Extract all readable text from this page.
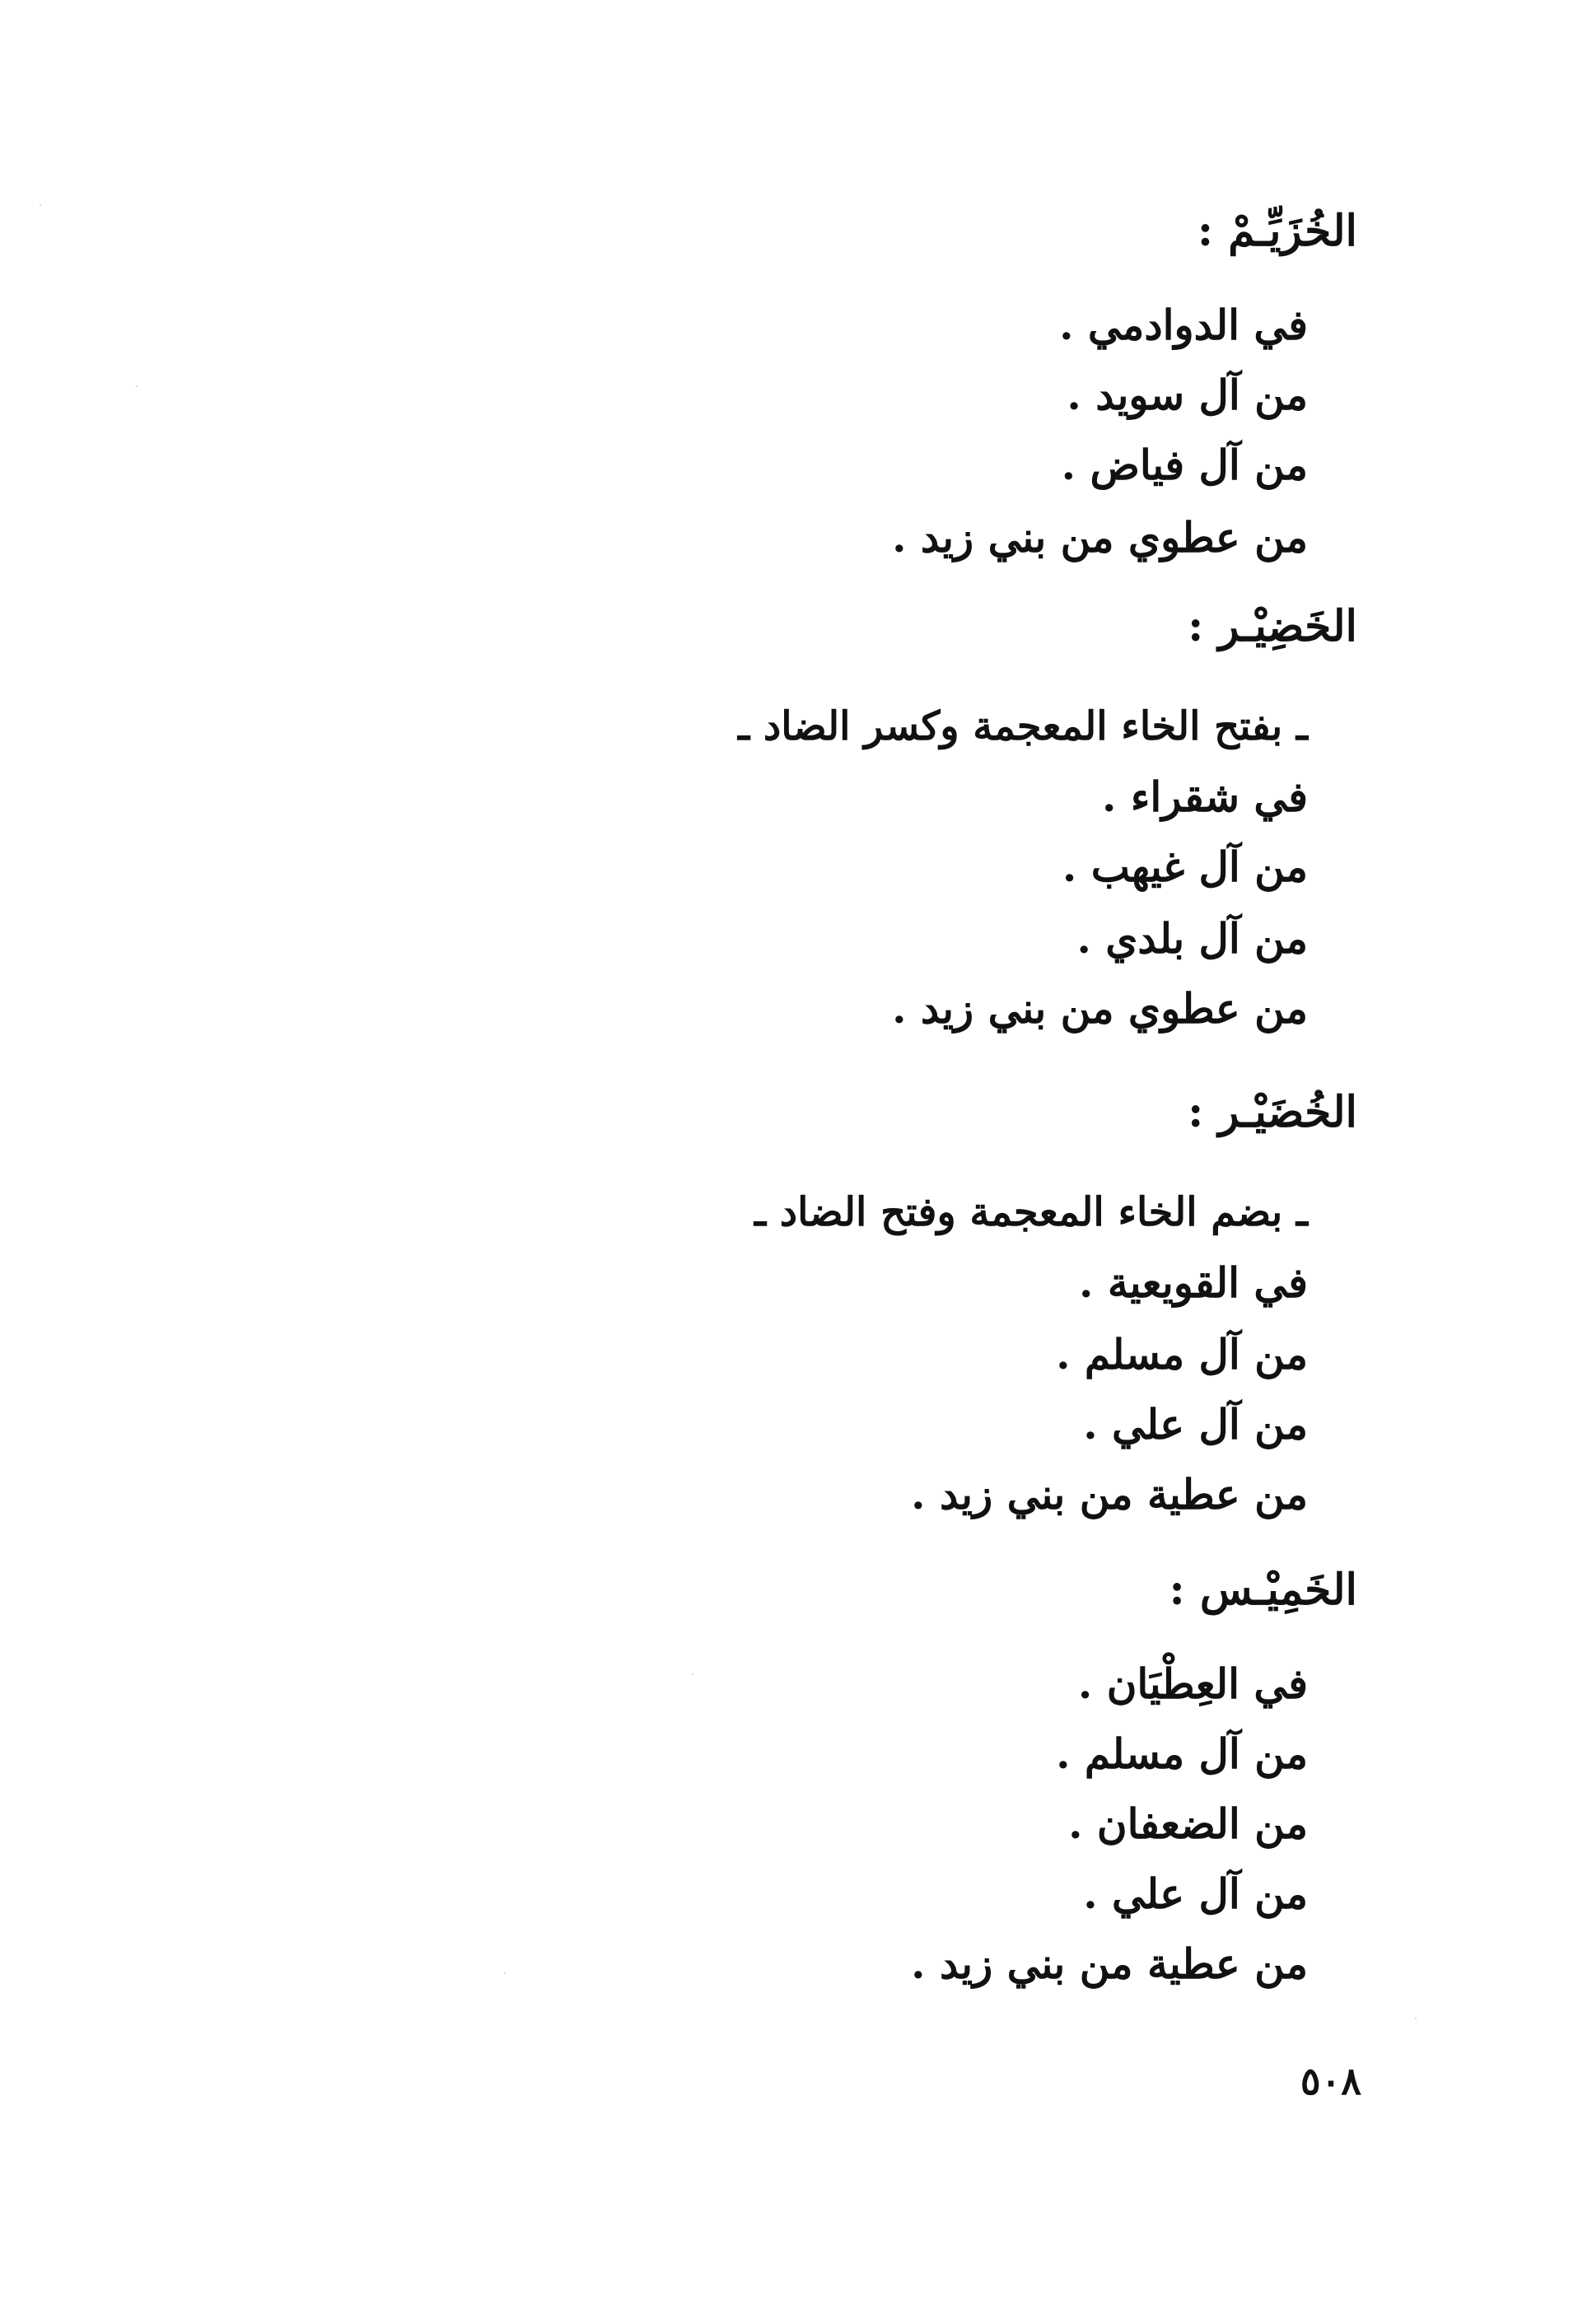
الخُزَيِّـمْ :
في الدوادمي .
من آل سويد .
من آل فياض .
من عطوي من بني زيد .
الخَضِيْـر :
ـ بفتح الخاء المعجمة وكسر الضاد ـ
في شقراء .
من آل غيهب .
من آل بلدي .
من عطوي من بني زيد .
الخُضَيْـر :
ـ بضم الخاء المعجمة وفتح الضاد ـ
في القويعية .
من آل مسلم .
من آل علي .
من عطية من بني زيد .
الخَمِيْـس :
في العِطْيَان .
من آل مسلم .
من الضعفان .
من آل علي .
من عطية من بني زيد .
٥٠٨
